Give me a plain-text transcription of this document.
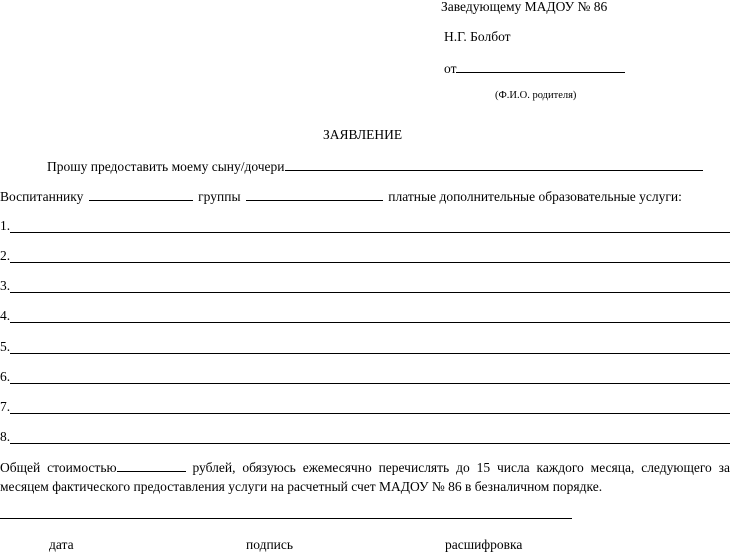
Заведующему МАДОУ № 86
Н.Г. Болбот
от
(Ф.И.О. родителя)
ЗАЯВЛЕНИЕ
Прошу предоставить моему сыну/дочери
Воспитаннику	группы	платные дополнительные образовательные услуги:
1.
2.
3.
4.
5.
6.
7.
8.
Общей стоимостью	рублей, обязуюсь ежемесячно перечислять до 15 числа каждого месяца, следующего за месяцем фактического предоставления услуги на расчетный счет МАДОУ № 86 в безналичном порядке.
дата	подпись	расшифровка
